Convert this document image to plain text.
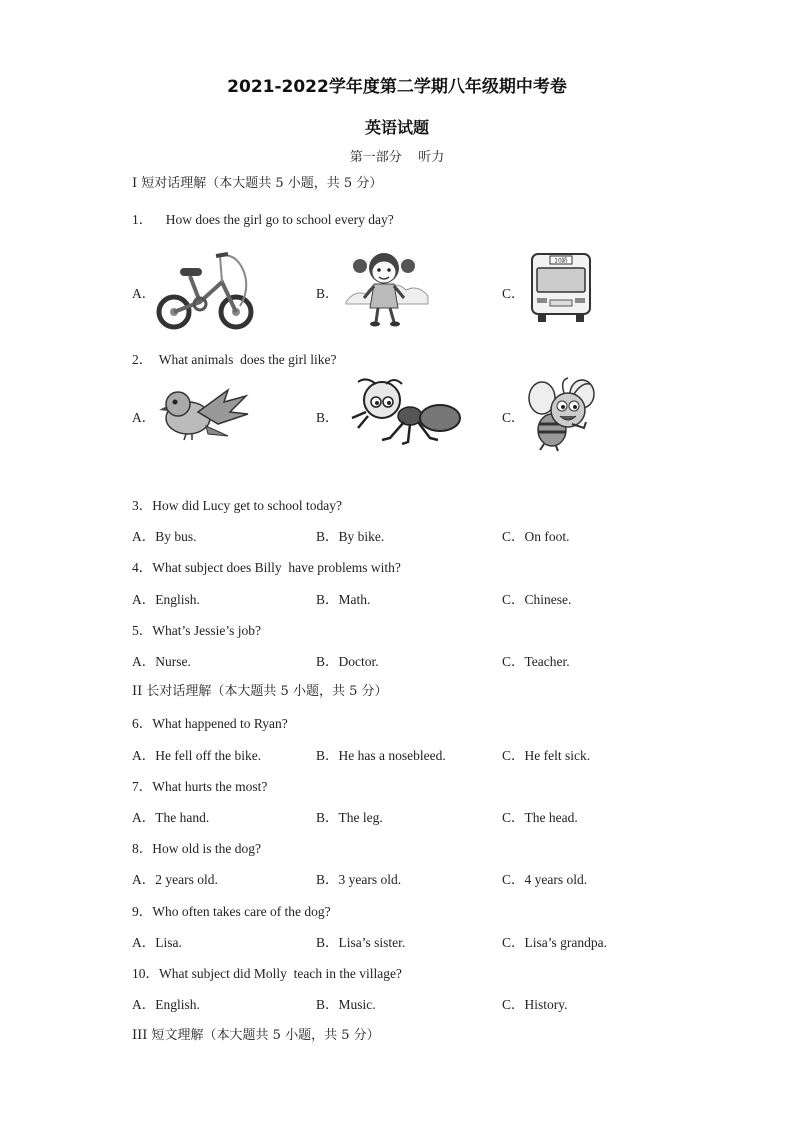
2021-2022学年度第二学期八年级期中考卷
英语试题
第一部分    听力
I 短对话理解（本大题共 5 小题，共 5 分）
1．    How does the girl go to school every day?
A．	B．	C．
10路
2．  What animals  does the girl like?
A．	B．	C．
3．How did Lucy get to school today?
A．By bus.	B．By bike.	C．On foot.
4．What subject does Billy  have problems with?
A．English.	B．Math.	C．Chinese.
5．What’s Jessie’s job?
A．Nurse.	B．Doctor.	C．Teacher.
II 长对话理解（本大题共 5 小题，共 5 分）
6．What happened to Ryan?
A．He fell off the bike.	B．He has a nosebleed.	C．He felt sick.
7．What hurts the most?
A．The hand.	B．The leg.	C．The head.
8．How old is the dog?
A．2 years old.	B．3 years old.	C．4 years old.
9．Who often takes care of the dog?
A．Lisa.	B．Lisa’s sister.	C．Lisa’s grandpa.
10．What subject did Molly  teach in the village?
A．English.	B．Music.	C．History.
III 短文理解（本大题共 5 小题，共 5 分）
